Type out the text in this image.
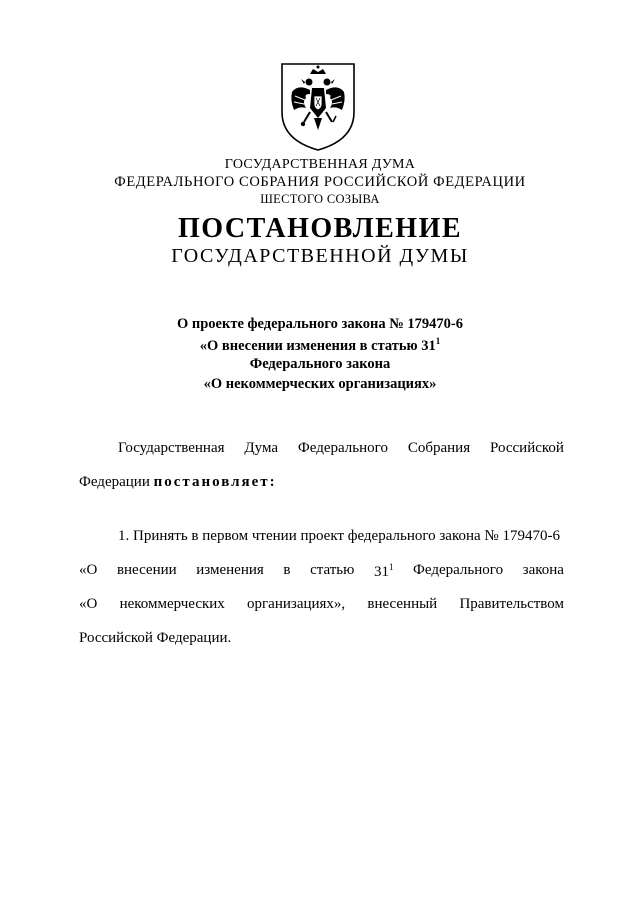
ГОСУДАРСТВЕННАЯ ДУМА
ФЕДЕРАЛЬНОГО СОБРАНИЯ РОССИЙСКОЙ ФЕДЕРАЦИИ
ШЕСТОГО СОЗЫВА
ПОСТАНОВЛЕНИЕ
ГОСУДАРСТВЕННОЙ ДУМЫ
О проекте федерального закона № 179470-6
«О внесении изменения в статью $31^1$
Федерального закона
«О некоммерческих организациях»
Государственная Дума Федерального Собрания Российской
Федерации постановляет:
1. Принять в первом чтении проект федерального закона № 179470-6
«О внесении изменения в статью $31^1$ Федерального закона
«О некоммерческих организациях», внесенный Правительством
Российской Федерации.
